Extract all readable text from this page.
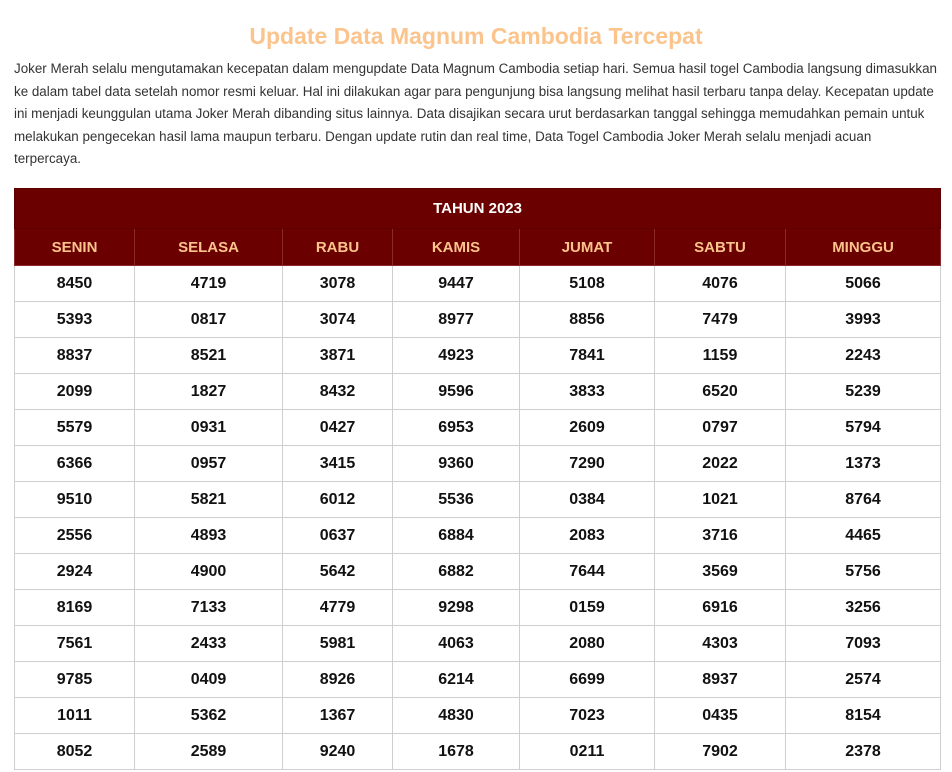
Update Data Magnum Cambodia Tercepat

Joker Merah selalu mengutamakan kecepatan dalam mengupdate Data Magnum Cambodia setiap hari. Semua hasil togel Cambodia langsung dimasukkan ke dalam tabel data setelah nomor resmi keluar. Hal ini dilakukan agar para pengunjung bisa langsung melihat hasil terbaru tanpa delay. Kecepatan update ini menjadi keunggulan utama Joker Merah dibanding situs lainnya. Data disajikan secara urut berdasarkan tanggal sehingga memudahkan pemain untuk melakukan pengecekan hasil lama maupun terbaru. Dengan update rutin dan real time, Data Togel Cambodia Joker Merah selalu menjadi acuan terpercaya.

TAHUN 2023						
SENIN	SELASA	RABU	KAMIS	JUMAT	SABTU	MINGGU
8450	4719	3078	9447	5108	4076	5066
5393	0817	3074	8977	8856	7479	3993
8837	8521	3871	4923	7841	1159	2243
2099	1827	8432	9596	3833	6520	5239
5579	0931	0427	6953	2609	0797	5794
6366	0957	3415	9360	7290	2022	1373
9510	5821	6012	5536	0384	1021	8764
2556	4893	0637	6884	2083	3716	4465
2924	4900	5642	6882	7644	3569	5756
8169	7133	4779	9298	0159	6916	3256
7561	2433	5981	4063	2080	4303	7093
9785	0409	8926	6214	6699	8937	2574
1011	5362	1367	4830	7023	0435	8154
8052	2589	9240	1678	0211	7902	2378
